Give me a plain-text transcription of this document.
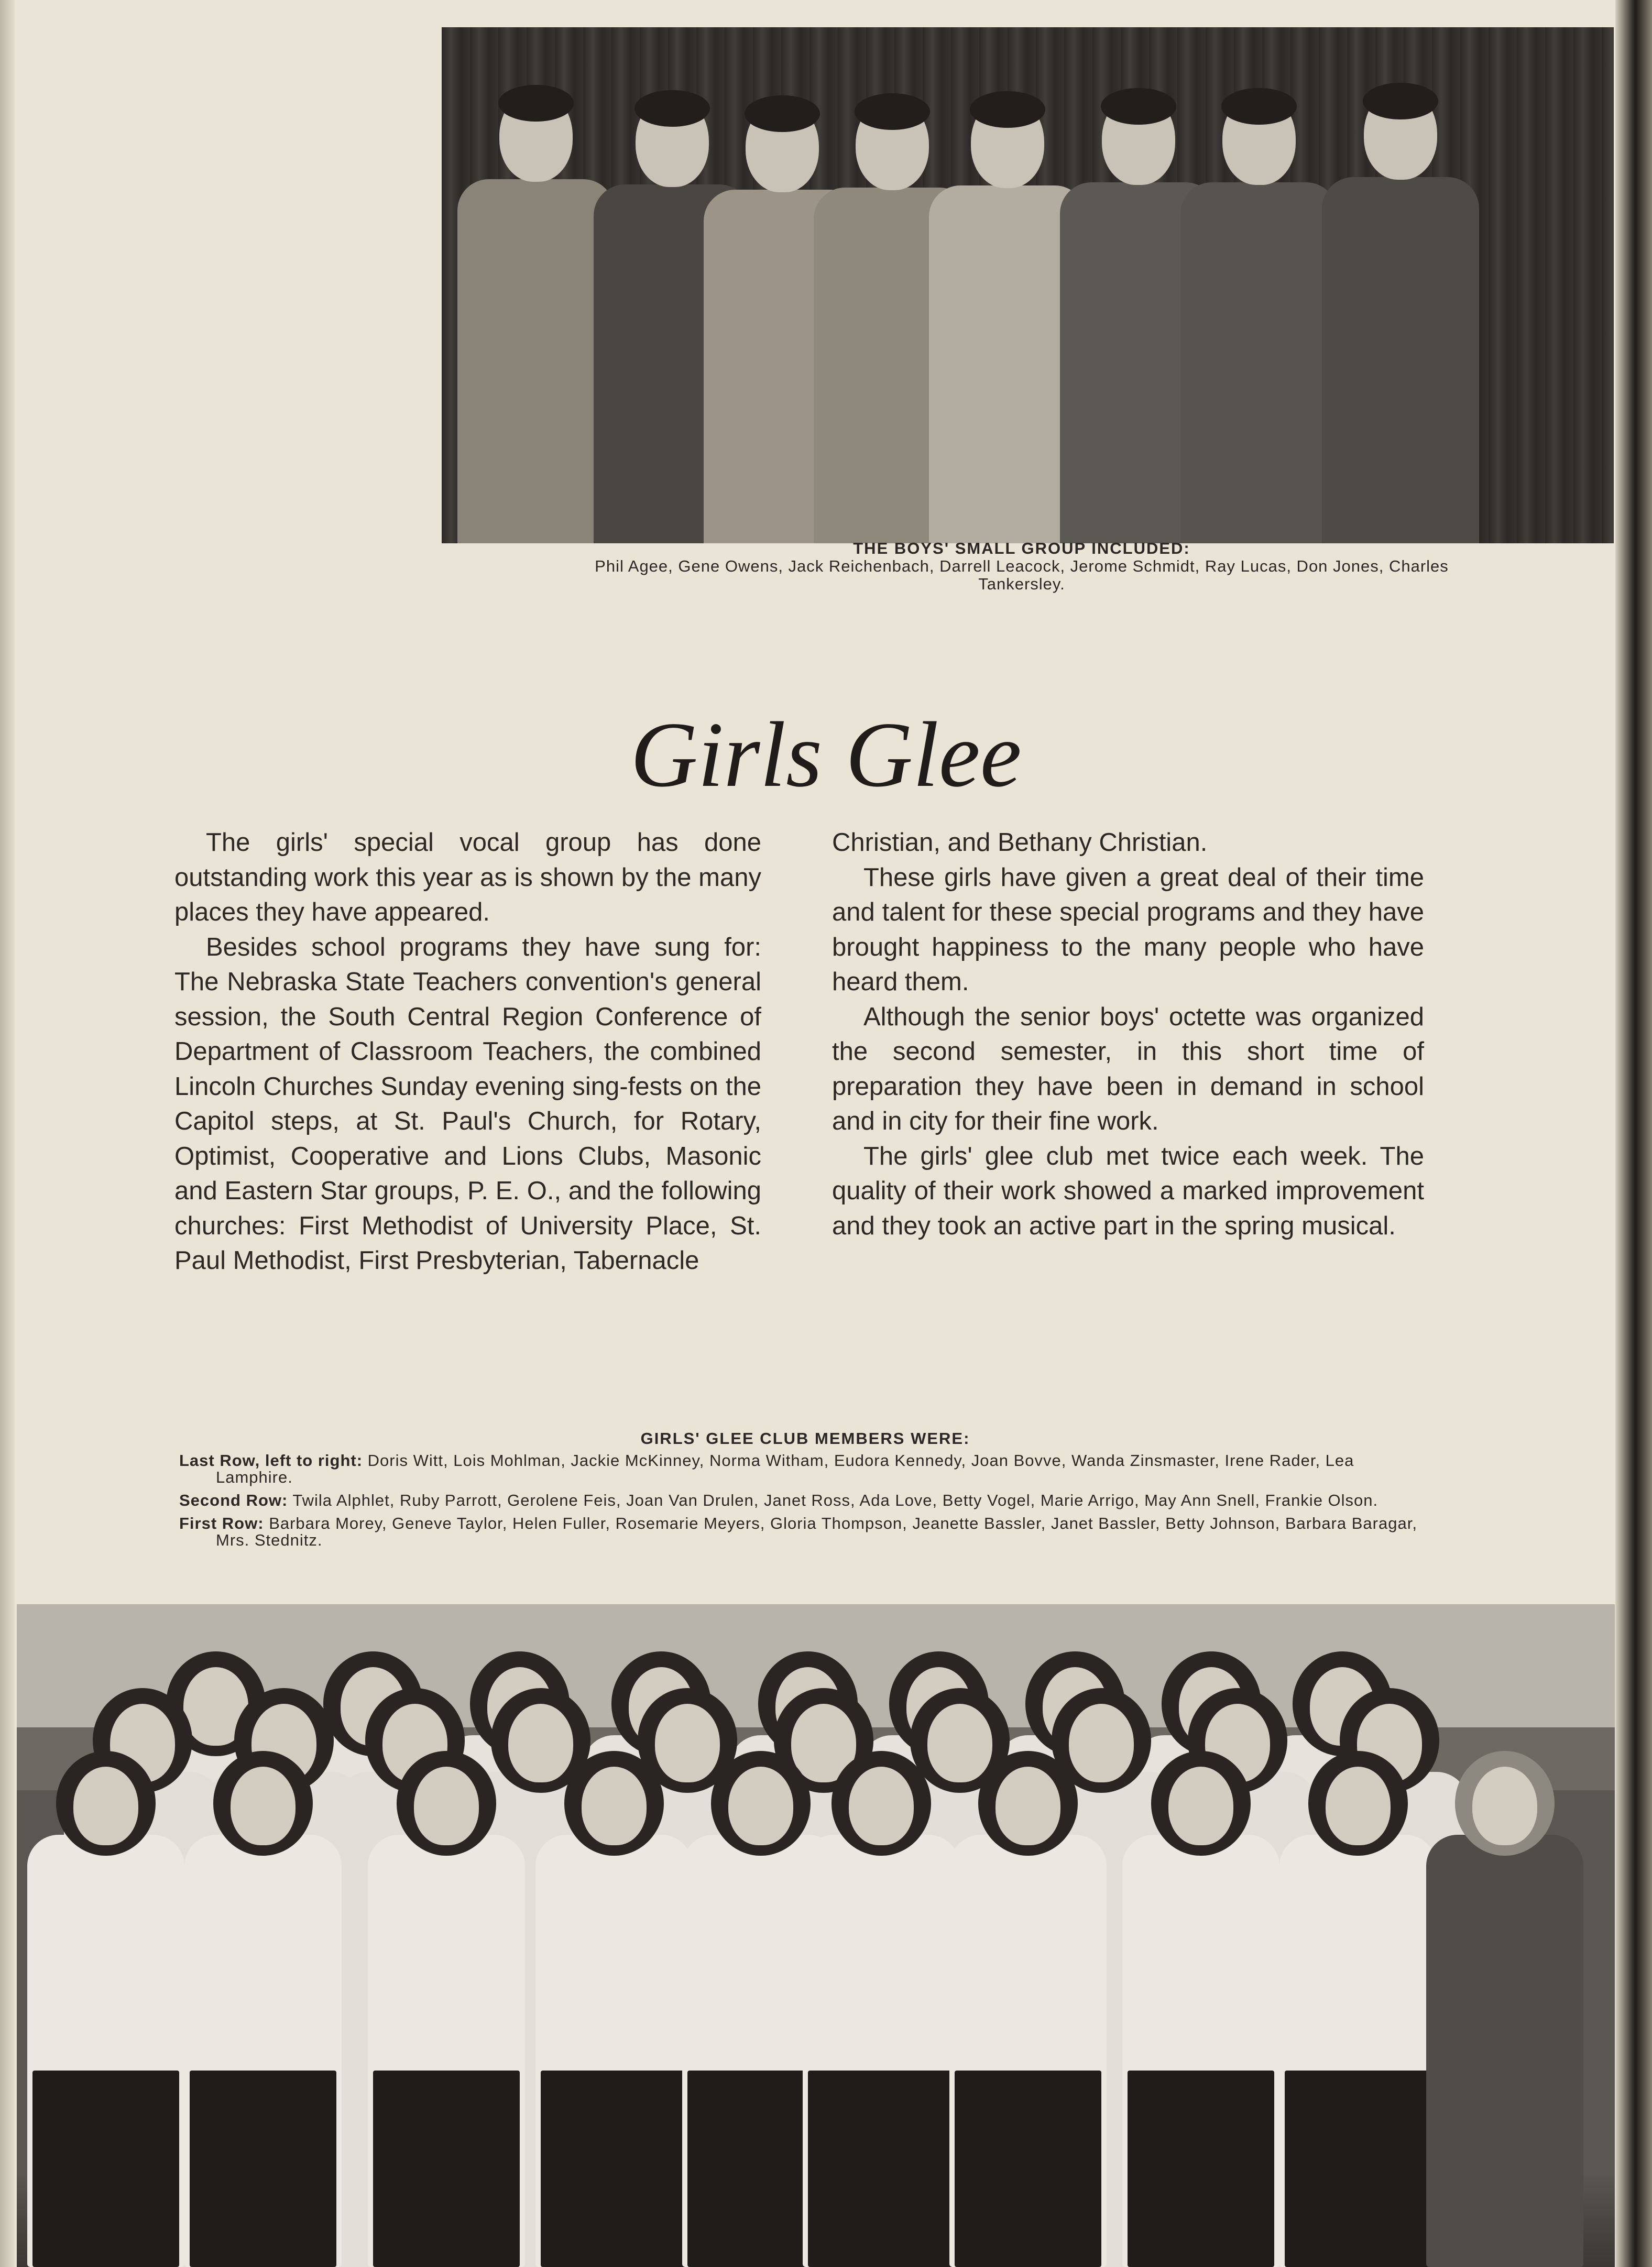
THE BOYS' SMALL GROUP INCLUDED:
Phil Agee, Gene Owens, Jack Reichenbach, Darrell Leacock, Jerome Schmidt, Ray Lucas, Don Jones, Charles Tankersley.
Girls Glee

The girls' special vocal group has done outstanding work this year as is shown by the many places they have appeared.

Besides school programs they have sung for: The Nebraska State Teachers convention's general session, the South Central Region Conference of Department of Classroom Teachers, the combined Lincoln Churches Sunday evening sing-fests on the Capitol steps, at St. Paul's Church, for Rotary, Optimist, Cooperative and Lions Clubs, Masonic and Eastern Star groups, P. E. O., and the following churches: First Methodist of University Place, St. Paul Methodist, First Presbyterian, Tabernacle

Christian, and Bethany Christian.

These girls have given a great deal of their time and talent for these special programs and they have brought happiness to the many people who have heard them.

Although the senior boys' octette was organized the second semester, in this short time of preparation they have been in demand in school and in city for their fine work.

The girls' glee club met twice each week. The quality of their work showed a marked improvement and they took an active part in the spring musical.

GIRLS' GLEE CLUB MEMBERS WERE:

Last Row, left to right: Doris Witt, Lois Mohlman, Jackie McKinney, Norma Witham, Eudora Kennedy, Joan Bovve, Wanda Zinsmaster, Irene Rader, Lea Lamphire.

Second Row: Twila Alphlet, Ruby Parrott, Gerolene Feis, Joan Van Drulen, Janet Ross, Ada Love, Betty Vogel, Marie Arrigo, May Ann Snell, Frankie Olson.

First Row: Barbara Morey, Geneve Taylor, Helen Fuller, Rosemarie Meyers, Gloria Thompson, Jeanette Bassler, Janet Bassler, Betty Johnson, Barbara Baragar, Mrs. Stednitz.
